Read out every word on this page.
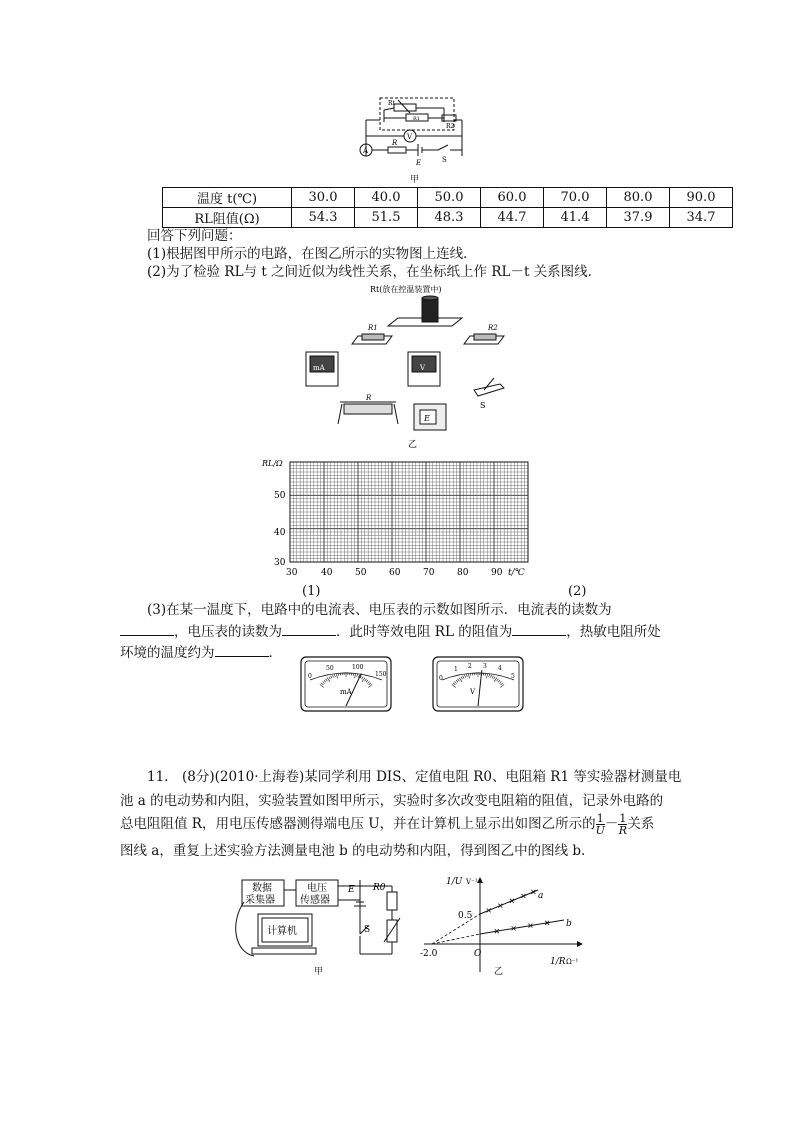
Rt
R1
R2
V
A
R
E	S
甲
温度 t(℃)	30.0	40.0	50.0	60.0	70.0	80.0	90.0
RL阻值(Ω)	54.3	51.5	48.3	44.7	41.4	37.9	34.7
回答下列问题：
(1)根据图甲所示的电路，在图乙所示的实物图上连线．
(2)为了检验 RL与 t 之间近似为线性关系，在坐标纸上作 RL－t 关系图线．
Rt(放在控温装置中)
R1	R2
mA	V
R
E
S
乙
RL/Ω
50
40
30
30	40	50	60	70	80	90 t/℃
(1)	(2)
(3)在某一温度下，电路中的电流表、电压表的示数如图所示．电流表的读数为
，电压表的读数为	．此时等效电阻 RL 的阻值为	，热敏电阻所处
环境的温度约为	．
0
50	100
150
mA
0
1 2 3 4
5
V
11.　(8分)(2010·上海卷)某同学利用 DIS、定值电阻 R0、电阻箱 R1 等实验器材测量电
池 a 的电动势和内阻，实验装置如图甲所示，实验时多次改变电阻箱的阻值，记录外电路的
总电阻阻值 R，用电压传感器测得端电压 U，并在计算机上显示出如图乙所示的 $\frac{1}{U} - \frac{1}{R}$ 关系
图线 a，重复上述实验方法测量电池 b 的电动势和内阻，得到图乙中的图线 b.
数据
采集器
电压
传感器
计算机
E R0
S
甲
1/U V⁻¹
0.5
-2.0	O
1/R Ω⁻¹
a
b
乙
